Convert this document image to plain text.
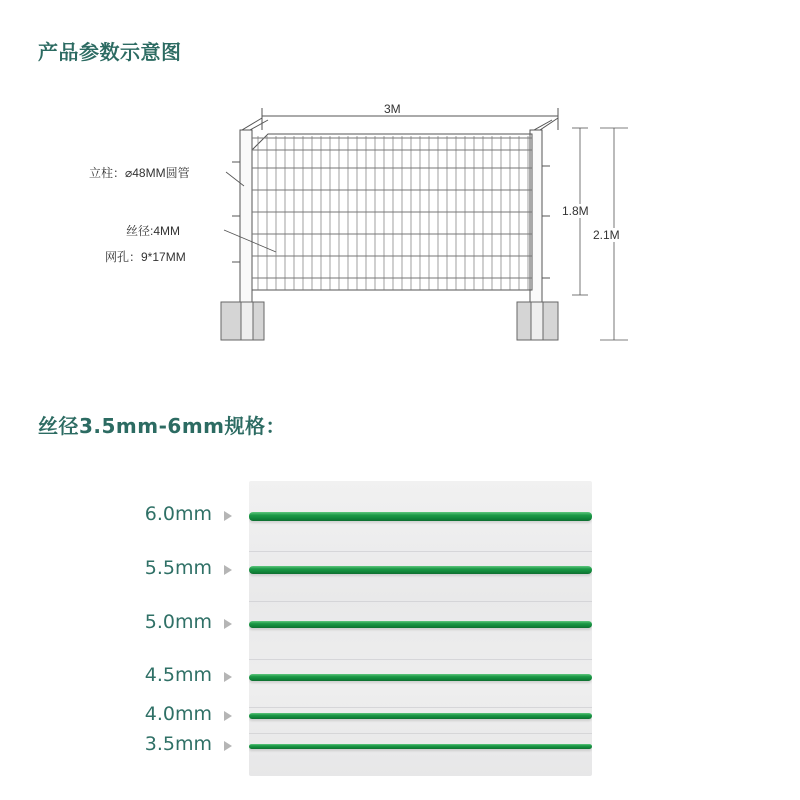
产品参数示意图
3M
1.8M
2.1M
立柱：⌀48MM圆管
丝径:4MM
网孔：9*17MM
丝径3.5mm-6mm规格：
6.0mm
5.5mm
5.0mm
4.5mm
4.0mm
3.5mm
